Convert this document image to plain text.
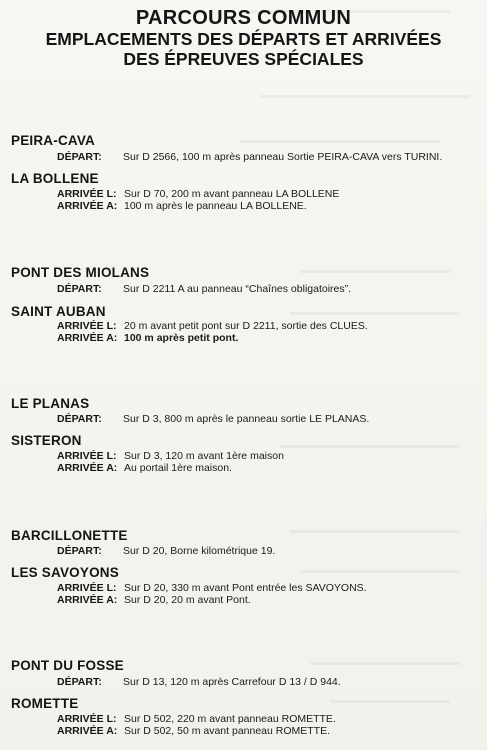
PARCOURS COMMUN
EMPLACEMENTS DES DÉPARTS ET ARRIVÉES
DES ÉPREUVES SPÉCIALES
PEIRA-CAVA
DÉPART: Sur D 2566, 100 m après panneau Sortie PEIRA-CAVA vers TURINI.
LA BOLLENE
ARRIVÉE L: Sur D 70, 200 m avant panneau LA BOLLENE
ARRIVÉE A: 100 m après le panneau LA BOLLENE.
PONT DES MIOLANS
DÉPART: Sur D 2211 A au panneau “Chaînes obligatoires”.
SAINT AUBAN
ARRIVÉE L: 20 m avant petit pont sur D 2211, sortie des CLUES.
ARRIVÉE A: 100 m après petit pont.
LE PLANAS
DÉPART: Sur D 3, 800 m après le panneau sortie LE PLANAS.
SISTERON
ARRIVÉE L: Sur D 3, 120 m avant 1ère maison
ARRIVÉE A: Au portail 1ère maison.
BARCILLONETTE
DÉPART: Sur D 20, Borne kilométrique 19.
LES SAVOYONS
ARRIVÉE L: Sur D 20, 330 m avant Pont entrée les SAVOYONS.
ARRIVÉE A: Sur D 20, 20 m avant Pont.
PONT DU FOSSE
DÉPART: Sur D 13, 120 m après Carrefour D 13 / D 944.
ROMETTE
ARRIVÉE L: Sur D 502, 220 m avant panneau ROMETTE.
ARRIVÉE A: Sur D 502, 50 m avant panneau ROMETTE.
